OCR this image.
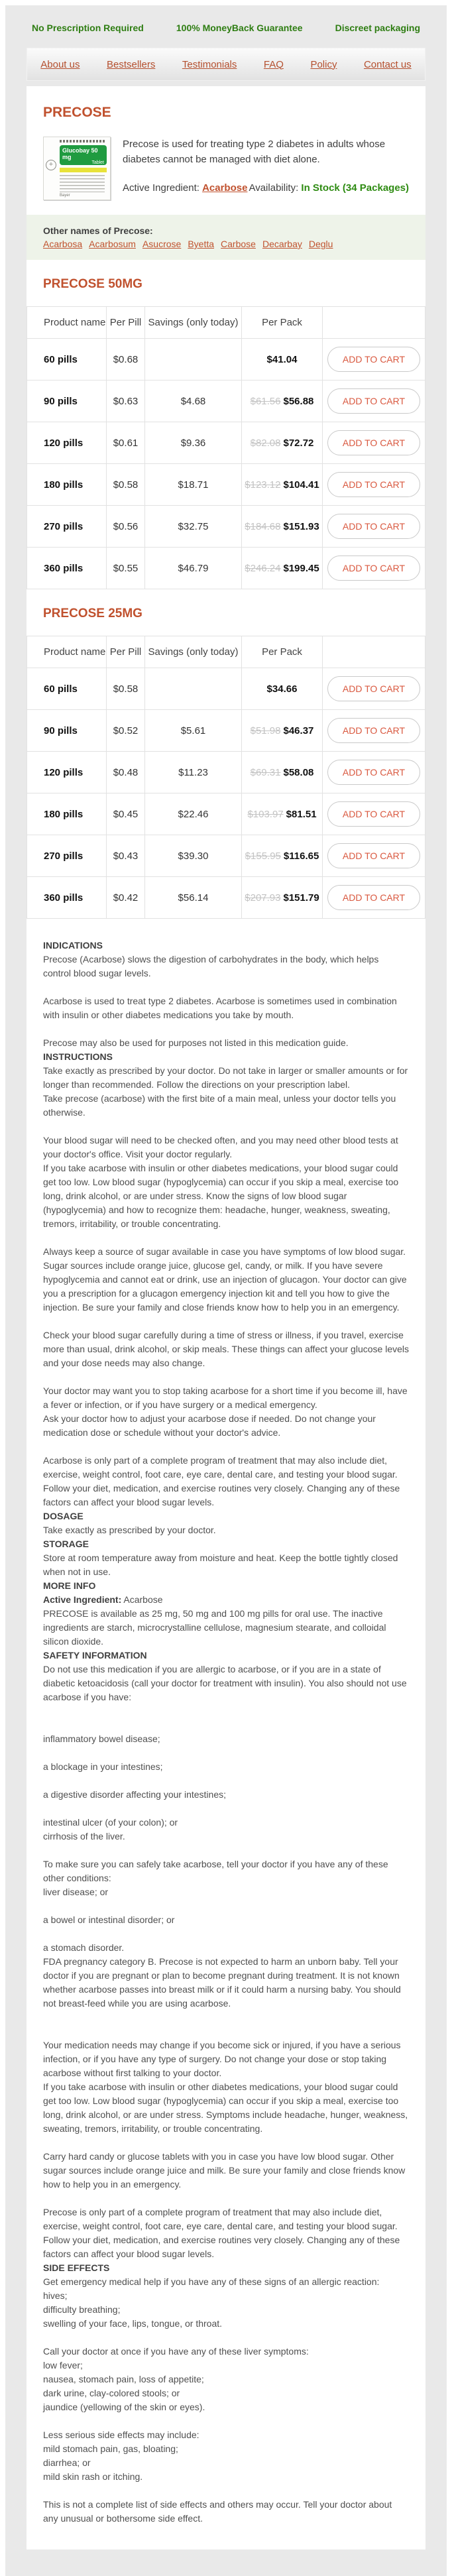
No Prescription Required	100% MoneyBack Guarantee	Discreet packaging
About us	Bestsellers	Testimonials	FAQ	Policy	Contact us
PRECOSE
+
Glucobay 50 mg
Tablet
Bayer

Precose is used for treating type 2 diabetes in adults whose diabetes cannot be managed with diet alone.

Active Ingredient: Acarbose Availability: In Stock (34 Packages)
Other names of Precose:
Acarbosa Acarbosum Asucrose Byetta Carbose Decarbay Deglu
PRECOSE 50MG
Product name	Per Pill	Savings (only today)	Per Pack	
60 pills	$0.68		$41.04	ADD TO CART
90 pills	$0.63	$4.68	$61.56 $56.88	ADD TO CART
120 pills	$0.61	$9.36	$82.08 $72.72	ADD TO CART
180 pills	$0.58	$18.71	$123.12 $104.41	ADD TO CART
270 pills	$0.56	$32.75	$184.68 $151.93	ADD TO CART
360 pills	$0.55	$46.79	$246.24 $199.45	ADD TO CART
PRECOSE 25MG
Product name	Per Pill	Savings (only today)	Per Pack	
60 pills	$0.58		$34.66	ADD TO CART
90 pills	$0.52	$5.61	$51.98 $46.37	ADD TO CART
120 pills	$0.48	$11.23	$69.31 $58.08	ADD TO CART
180 pills	$0.45	$22.46	$103.97 $81.51	ADD TO CART
270 pills	$0.43	$39.30	$155.95 $116.65	ADD TO CART
360 pills	$0.42	$56.14	$207.93 $151.79	ADD TO CART
INDICATIONS
Precose (Acarbose) slows the digestion of carbohydrates in the body, which helps control blood sugar levels.

Acarbose is used to treat type 2 diabetes. Acarbose is sometimes used in combination with insulin or other diabetes medications you take by mouth.

Precose may also be used for purposes not listed in this medication guide.
INSTRUCTIONS
Take exactly as prescribed by your doctor. Do not take in larger or smaller amounts or for longer than recommended. Follow the directions on your prescription label.
Take precose (acarbose) with the first bite of a main meal, unless your doctor tells you otherwise.

Your blood sugar will need to be checked often, and you may need other blood tests at your doctor's office. Visit your doctor regularly.
If you take acarbose with insulin or other diabetes medications, your blood sugar could get too low. Low blood sugar (hypoglycemia) can occur if you skip a meal, exercise too long, drink alcohol, or are under stress. Know the signs of low blood sugar (hypoglycemia) and how to recognize them: headache, hunger, weakness, sweating, tremors, irritability, or trouble concentrating.

Always keep a source of sugar available in case you have symptoms of low blood sugar. Sugar sources include orange juice, glucose gel, candy, or milk. If you have severe hypoglycemia and cannot eat or drink, use an injection of glucagon. Your doctor can give you a prescription for a glucagon emergency injection kit and tell you how to give the injection. Be sure your family and close friends know how to help you in an emergency.

Check your blood sugar carefully during a time of stress or illness, if you travel, exercise more than usual, drink alcohol, or skip meals. These things can affect your glucose levels and your dose needs may also change.

Your doctor may want you to stop taking acarbose for a short time if you become ill, have a fever or infection, or if you have surgery or a medical emergency.
Ask your doctor how to adjust your acarbose dose if needed. Do not change your medication dose or schedule without your doctor's advice.

Acarbose is only part of a complete program of treatment that may also include diet, exercise, weight control, foot care, eye care, dental care, and testing your blood sugar. Follow your diet, medication, and exercise routines very closely. Changing any of these factors can affect your blood sugar levels.
DOSAGE
Take exactly as prescribed by your doctor.
STORAGE
Store at room temperature away from moisture and heat. Keep the bottle tightly closed when not in use.
MORE INFO
Active Ingredient: Acarbose
PRECOSE is available as 25 mg, 50 mg and 100 mg pills for oral use. The inactive ingredients are starch, microcrystalline cellulose, magnesium stearate, and colloidal silicon dioxide.
SAFETY INFORMATION
Do not use this medication if you are allergic to acarbose, or if you are in a state of diabetic ketoacidosis (call your doctor for treatment with insulin). You also should not use acarbose if you have:

inflammatory bowel disease;

a blockage in your intestines;

a digestive disorder affecting your intestines;

intestinal ulcer (of your colon); or
cirrhosis of the liver.

To make sure you can safely take acarbose, tell your doctor if you have any of these other conditions:
liver disease; or

a bowel or intestinal disorder; or

a stomach disorder.
FDA pregnancy category B. Precose is not expected to harm an unborn baby. Tell your doctor if you are pregnant or plan to become pregnant during treatment. It is not known whether acarbose passes into breast milk or if it could harm a nursing baby. You should not breast-feed while you are using acarbose.

Your medication needs may change if you become sick or injured, if you have a serious infection, or if you have any type of surgery. Do not change your dose or stop taking acarbose without first talking to your doctor.
If you take acarbose with insulin or other diabetes medications, your blood sugar could get too low. Low blood sugar (hypoglycemia) can occur if you skip a meal, exercise too long, drink alcohol, or are under stress. Symptoms include headache, hunger, weakness, sweating, tremors, irritability, or trouble concentrating.

Carry hard candy or glucose tablets with you in case you have low blood sugar. Other sugar sources include orange juice and milk. Be sure your family and close friends know how to help you in an emergency.

Precose is only part of a complete program of treatment that may also include diet, exercise, weight control, foot care, eye care, dental care, and testing your blood sugar. Follow your diet, medication, and exercise routines very closely. Changing any of these factors can affect your blood sugar levels.
SIDE EFFECTS
Get emergency medical help if you have any of these signs of an allergic reaction:
hives;
difficulty breathing;
swelling of your face, lips, tongue, or throat.

Call your doctor at once if you have any of these liver symptoms:
low fever;
nausea, stomach pain, loss of appetite;
dark urine, clay-colored stools; or
jaundice (yellowing of the skin or eyes).

Less serious side effects may include:
mild stomach pain, gas, bloating;
diarrhea; or
mild skin rash or itching.

This is not a complete list of side effects and others may occur. Tell your doctor about any unusual or bothersome side effect.
